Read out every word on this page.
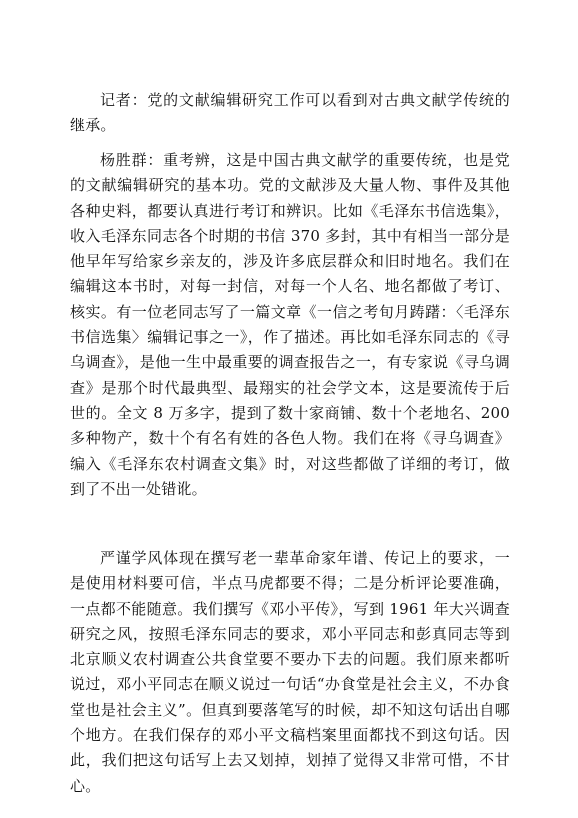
记者：党的文献编辑研究工作可以看到对古典文献学传统的继承。

杨胜群：重考辨，这是中国古典文献学的重要传统，也是党的文献编辑研究的基本功。党的文献涉及大量人物、事件及其他各种史料，都要认真进行考订和辨识。比如《毛泽东书信选集》，收入毛泽东同志各个时期的书信 370 多封，其中有相当一部分是他早年写给家乡亲友的，涉及许多底层群众和旧时地名。我们在编辑这本书时，对每一封信，对每一个人名、地名都做了考订、核实。有一位老同志写了一篇文章《一信之考旬月踌躇：〈毛泽东书信选集〉编辑记事之一》，作了描述。再比如毛泽东同志的《寻乌调查》，是他一生中最重要的调查报告之一，有专家说《寻乌调查》是那个时代最典型、最翔实的社会学文本，这是要流传于后世的。全文 8 万多字，提到了数十家商铺、数十个老地名、200 多种物产，数十个有名有姓的各色人物。我们在将《寻乌调查》编入《毛泽东农村调查文集》时，对这些都做了详细的考订，做到了不出一处错讹。

严谨学风体现在撰写老一辈革命家年谱、传记上的要求，一是使用材料要可信，半点马虎都要不得；二是分析评论要准确，一点都不能随意。我们撰写《邓小平传》，写到 1961 年大兴调查研究之风，按照毛泽东同志的要求，邓小平同志和彭真同志等到北京顺义农村调查公共食堂要不要办下去的问题。我们原来都听说过，邓小平同志在顺义说过一句话“办食堂是社会主义，不办食堂也是社会主义”。但真到要落笔写的时候，却不知这句话出自哪个地方。在我们保存的邓小平文稿档案里面都找不到这句话。因此，我们把这句话写上去又划掉，划掉了觉得又非常可惜，不甘心。
